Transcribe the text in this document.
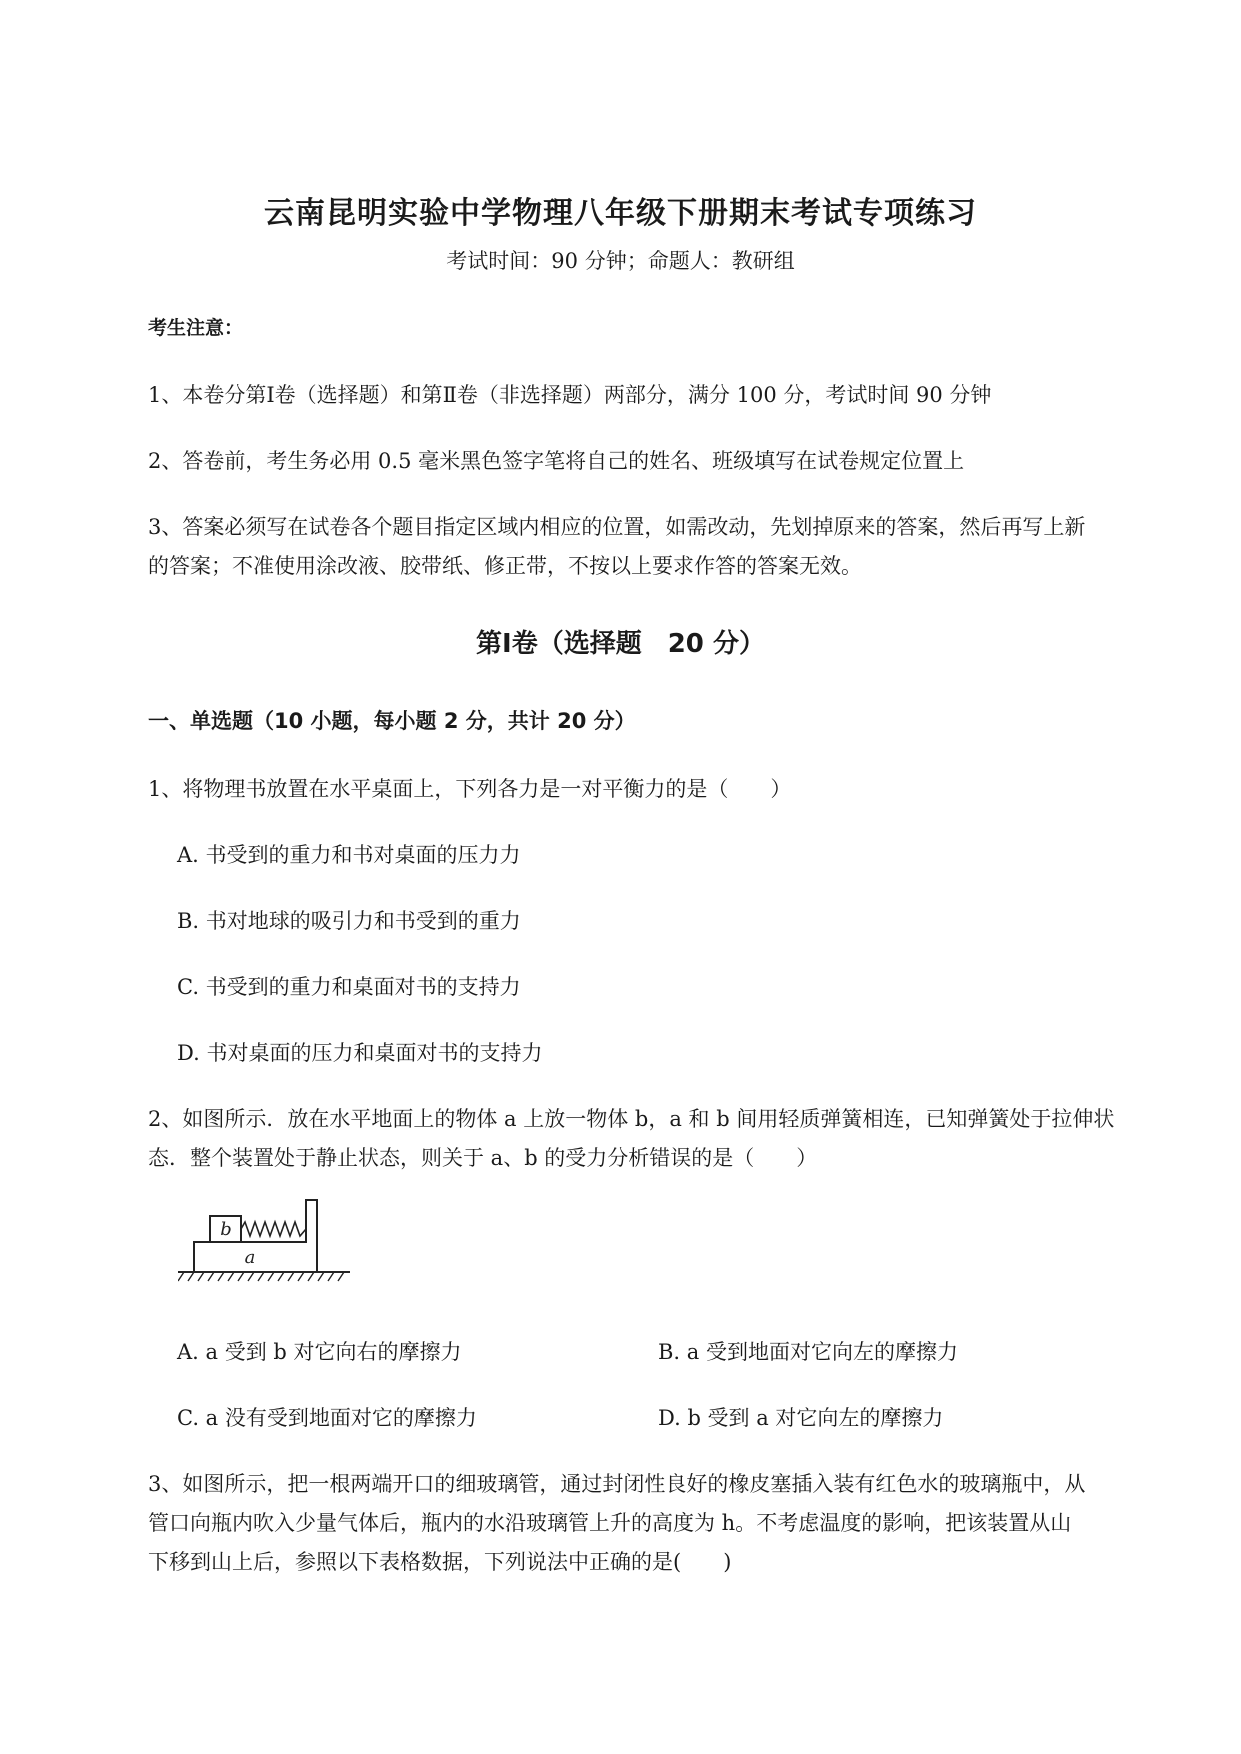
云南昆明实验中学物理八年级下册期末考试专项练习
考试时间：90 分钟；命题人：教研组
考生注意：
1、本卷分第Ⅰ卷（选择题）和第Ⅱ卷（非选择题）两部分，满分 100 分，考试时间 90 分钟
2、答卷前，考生务必用 0.5 毫米黑色签字笔将自己的姓名、班级填写在试卷规定位置上
3、答案必须写在试卷各个题目指定区域内相应的位置，如需改动，先划掉原来的答案，然后再写上新
的答案；不准使用涂改液、胶带纸、修正带，不按以上要求作答的答案无效。
第Ⅰ卷（选择题　20 分）
一、单选题（10 小题，每小题 2 分，共计 20 分）
1、将物理书放置在水平桌面上，下列各力是一对平衡力的是（　　）
A. 书受到的重力和书对桌面的压力力
B. 书对地球的吸引力和书受到的重力
C. 书受到的重力和桌面对书的支持力
D. 书对桌面的压力和桌面对书的支持力
2、如图所示．放在水平地面上的物体 a 上放一物体 b，a 和 b 间用轻质弹簧相连，已知弹簧处于拉伸状
态．整个装置处于静止状态，则关于 a、b 的受力分析错误的是（　　）
b
a
A. a 受到 b 对它向右的摩擦力	B. a 受到地面对它向左的摩擦力
C. a 没有受到地面对它的摩擦力	D. b 受到 a 对它向左的摩擦力
3、如图所示，把一根两端开口的细玻璃管，通过封闭性良好的橡皮塞插入装有红色水的玻璃瓶中，从
管口向瓶内吹入少量气体后，瓶内的水沿玻璃管上升的高度为 h。不考虑温度的影响，把该装置从山
下移到山上后，参照以下表格数据，下列说法中正确的是(　　)
